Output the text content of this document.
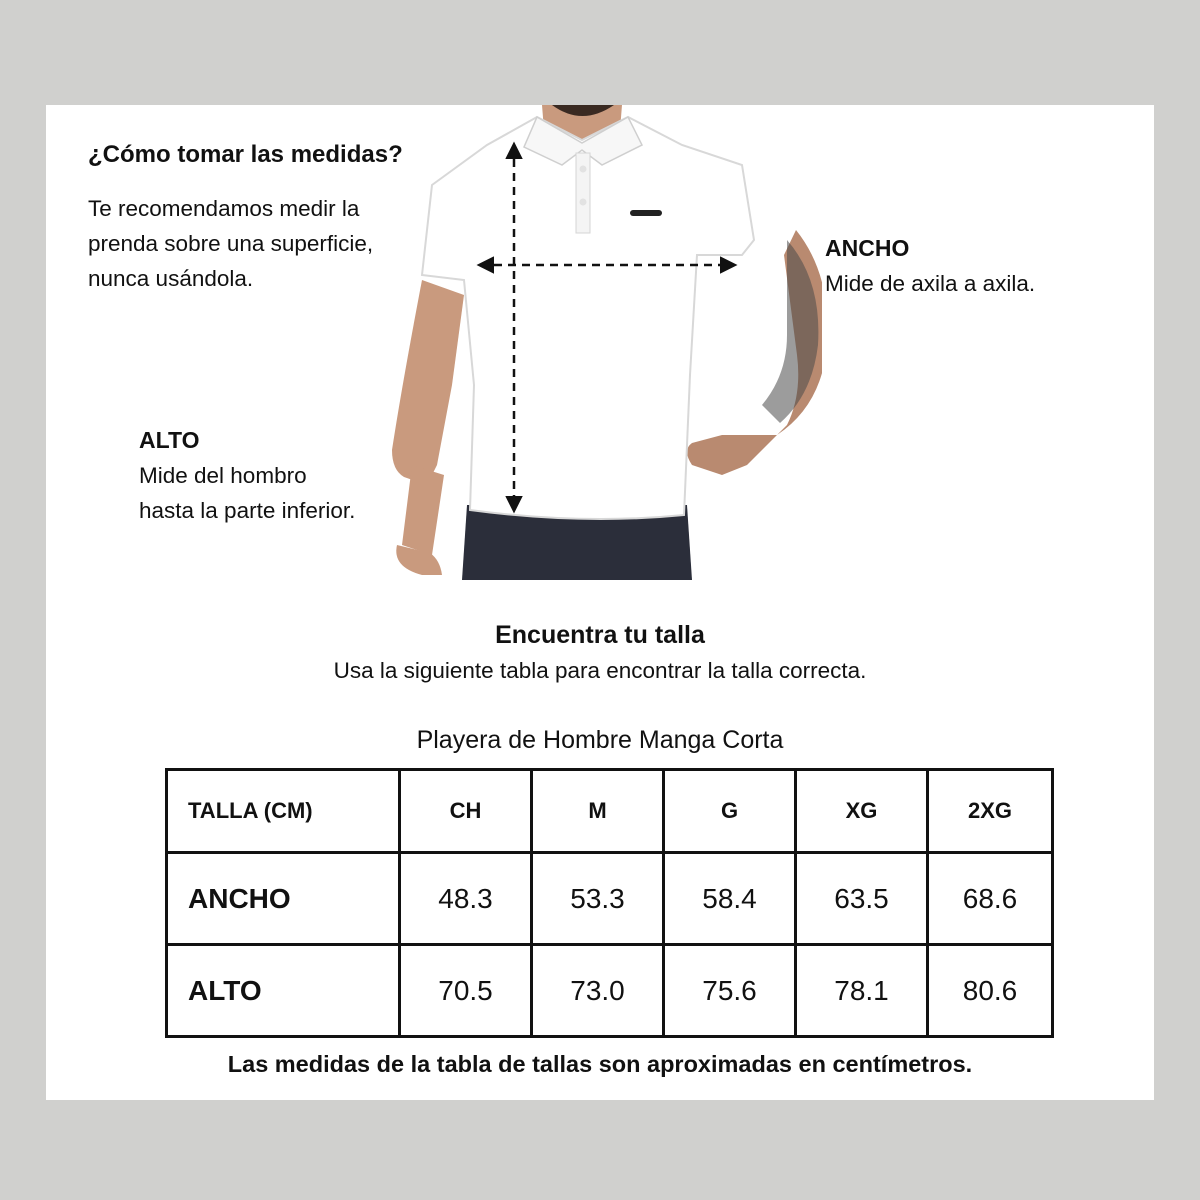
¿Cómo tomar las medidas?
Te recomendamos medir la
prenda sobre una superficie,
nunca usándola.
ANCHO
Mide de axila a axila.
ALTO
Mide del hombro
hasta la parte inferior.
Encuentra tu talla
Usa la siguiente tabla para encontrar la talla correcta.
Playera de Hombre Manga Corta
TALLA (CM)	CH	M	G	XG	2XG
ANCHO	48.3	53.3	58.4	63.5	68.6
ALTO	70.5	73.0	75.6	78.1	80.6
Las medidas de la tabla de tallas son aproximadas en centímetros.
